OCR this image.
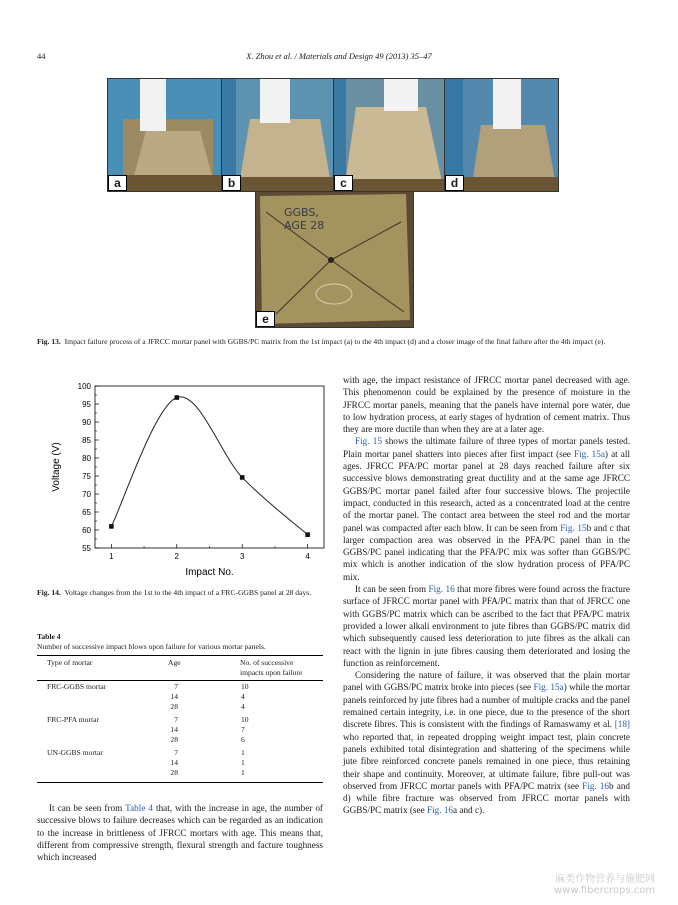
44	X. Zhou et al. / Materials and Design 49 (2013) 35–47
a	b	c	d
GGBS,
AGE 28
e
Fig. 13. Impact failure process of a JFRCC mortar panel with GGBS/PC matrix from the 1st impact (a) to the 4th impact (d) and a closer image of the final failure after the 4th impact (e).
55
60
65
70
75
80
85
90
95
100
1	2	3	4
Impact No.
Voltage (V)
Fig. 14. Voltage changes from the 1st to the 4th impact of a FRC-GGBS panel at 28 days.
Table 4
Number of successive impact blows upon failure for various mortar panels.
Type of mortar	Age	No. of successive
impacts upon failure
FRC-GGBS mortar	7	10
14	4
28	4
FRC-PFA mortar	7	10
14	7
28	6
UN-GGBS mortar	7	1
14	1
28	1

It can be seen from Table 4 that, with the increase in age, the number of successive blows to failure decreases which can be regarded as an indication to the increase in brittleness of JFRCC mortars with age. This means that, different from compressive strength, flexural strength and facture toughness which increased

with age, the impact resistance of JFRCC mortar panel decreased with age. This phenomenon could be explained by the presence of moisture in the JFRCC mortar panels, meaning that the panels have internal pore water, due to low hydration process, at early stages of hydration of cement matrix. Thus they are more ductile than when they are at a later age.

Fig. 15 shows the ultimate failure of three types of mortar panels tested. Plain mortar panel shatters into pieces after first impact (see Fig. 15a) at all ages. JFRCC PFA/PC mortar panel at 28 days reached failure after six successive blows demonstrating great ductility and at the same age JFRCC GGBS/PC mortar panel failed after four successive blows. The projectile impact, conducted in this research, acted as a concentrated load at the centre of the mortar panel. The contact area between the steel rod and the mortar panel was compacted after each blow. It can be seen from Fig. 15b and c that larger compaction area was observed in the PFA/PC panel than in the GGBS/PC panel indicating that the PFA/PC mix was softer than GGBS/PC mix which is another indication of the slow hydration process of PFA/PC mix.

It can be seen from Fig. 16 that more fibres were found across the fracture surface of JFRCC mortar panel with PFA/PC matrix than that of JFRCC one with GGBS/PC matrix which can be ascribed to the fact that PFA/PC matrix provided a lower alkali environment to jute fibres than GGBS/PC matrix did which subsequently caused less deterioration to jute fibres as the alkali can react with the lignin in jute fibres causing them deteriorated and losing the function as reinforcement.

Considering the nature of failure, it was observed that the plain mortar panel with GGBS/PC matrix broke into pieces (see Fig. 15a) while the mortar panels reinforced by jute fibres had a number of multiple cracks and the panel remained certain integrity, i.e. in one piece, due to the presence of the short discrete fibres. This is consistent with the findings of Ramaswamy et al. [18] who reported that, in repeated dropping weight impact test, plain concrete panels exhibited total disintegration and shattering of the specimens while jute fibre reinforced concrete panels remained in one piece, thus retaining their shape and continuity. Moreover, at ultimate failure, fibre pull-out was observed from JFRCC mortar panels with PFA/PC matrix (see Fig. 16b and d) while fibre fracture was observed from JFRCC mortar panels with GGBS/PC matrix (see Fig. 16a and c).

麻类作物营养与施肥网
www.fibercrops.com
